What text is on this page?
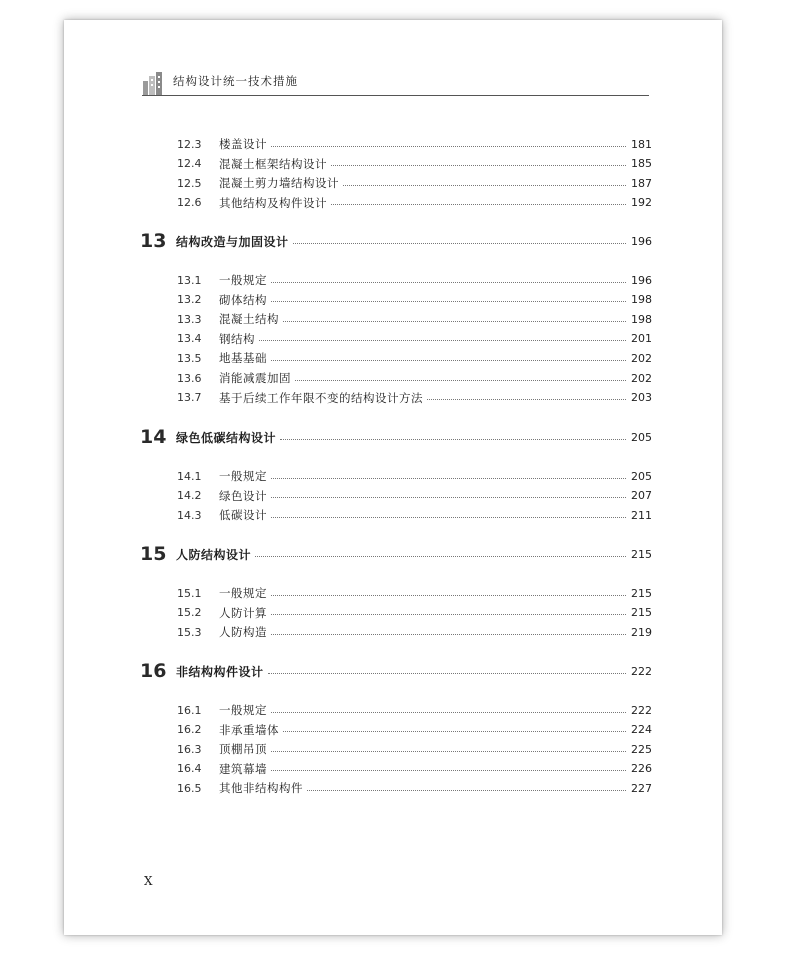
结构设计统一技术措施
12.3	楼盖设计	181
12.4	混凝土框架结构设计	185
12.5	混凝土剪力墙结构设计	187
12.6	其他结构及构件设计	192
13 结构改造与加固设计	196
13.1	一般规定	196
13.2	砌体结构	198
13.3	混凝土结构	198
13.4	钢结构	201
13.5	地基基础	202
13.6	消能减震加固	202
13.7	基于后续工作年限不变的结构设计方法	203
14 绿色低碳结构设计	205
14.1	一般规定	205
14.2	绿色设计	207
14.3	低碳设计	211
15 人防结构设计	215
15.1	一般规定	215
15.2	人防计算	215
15.3	人防构造	219
16 非结构构件设计	222
16.1	一般规定	222
16.2	非承重墙体	224
16.3	顶棚吊顶	225
16.4	建筑幕墙	226
16.5	其他非结构构件	227
X
